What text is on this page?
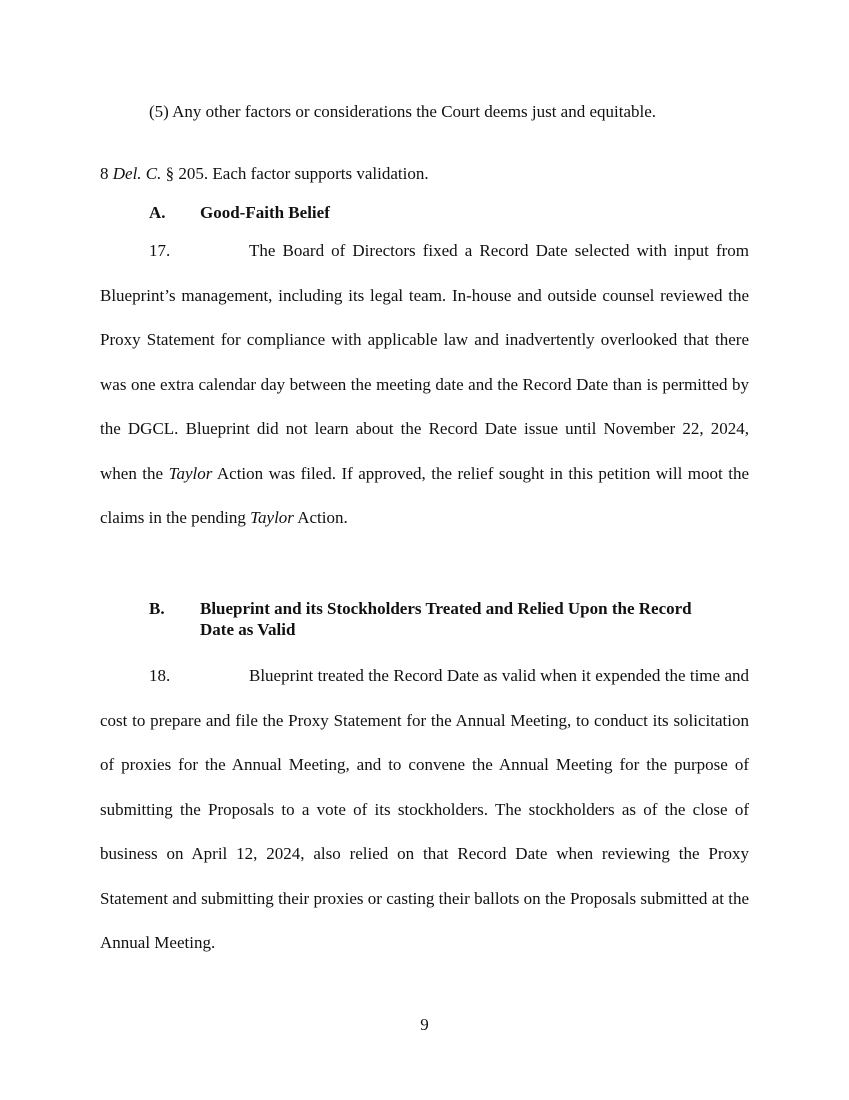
(5) Any other factors or considerations the Court deems just and equitable.

8 Del. C. § 205. Each factor supports validation.

A. Good-Faith Belief

17.	The Board of Directors fixed a Record Date selected with input from Blueprint’s management, including its legal team. In-house and outside counsel reviewed the Proxy Statement for compliance with applicable law and inadvertently overlooked that there was one extra calendar day between the meeting date and the Record Date than is permitted by the DGCL. Blueprint did not learn about the Record Date issue until November 22, 2024, when the Taylor Action was filed. If approved, the relief sought in this petition will moot the claims in the pending Taylor Action.

B. Blueprint and its Stockholders Treated and Relied Upon the Record Date as Valid

18.	Blueprint treated the Record Date as valid when it expended the time and cost to prepare and file the Proxy Statement for the Annual Meeting, to conduct its solicitation of proxies for the Annual Meeting, and to convene the Annual Meeting for the purpose of submitting the Proposals to a vote of its stockholders. The stockholders as of the close of business on April 12, 2024, also relied on that Record Date when reviewing the Proxy Statement and submitting their proxies or casting their ballots on the Proposals submitted at the Annual Meeting.

9
